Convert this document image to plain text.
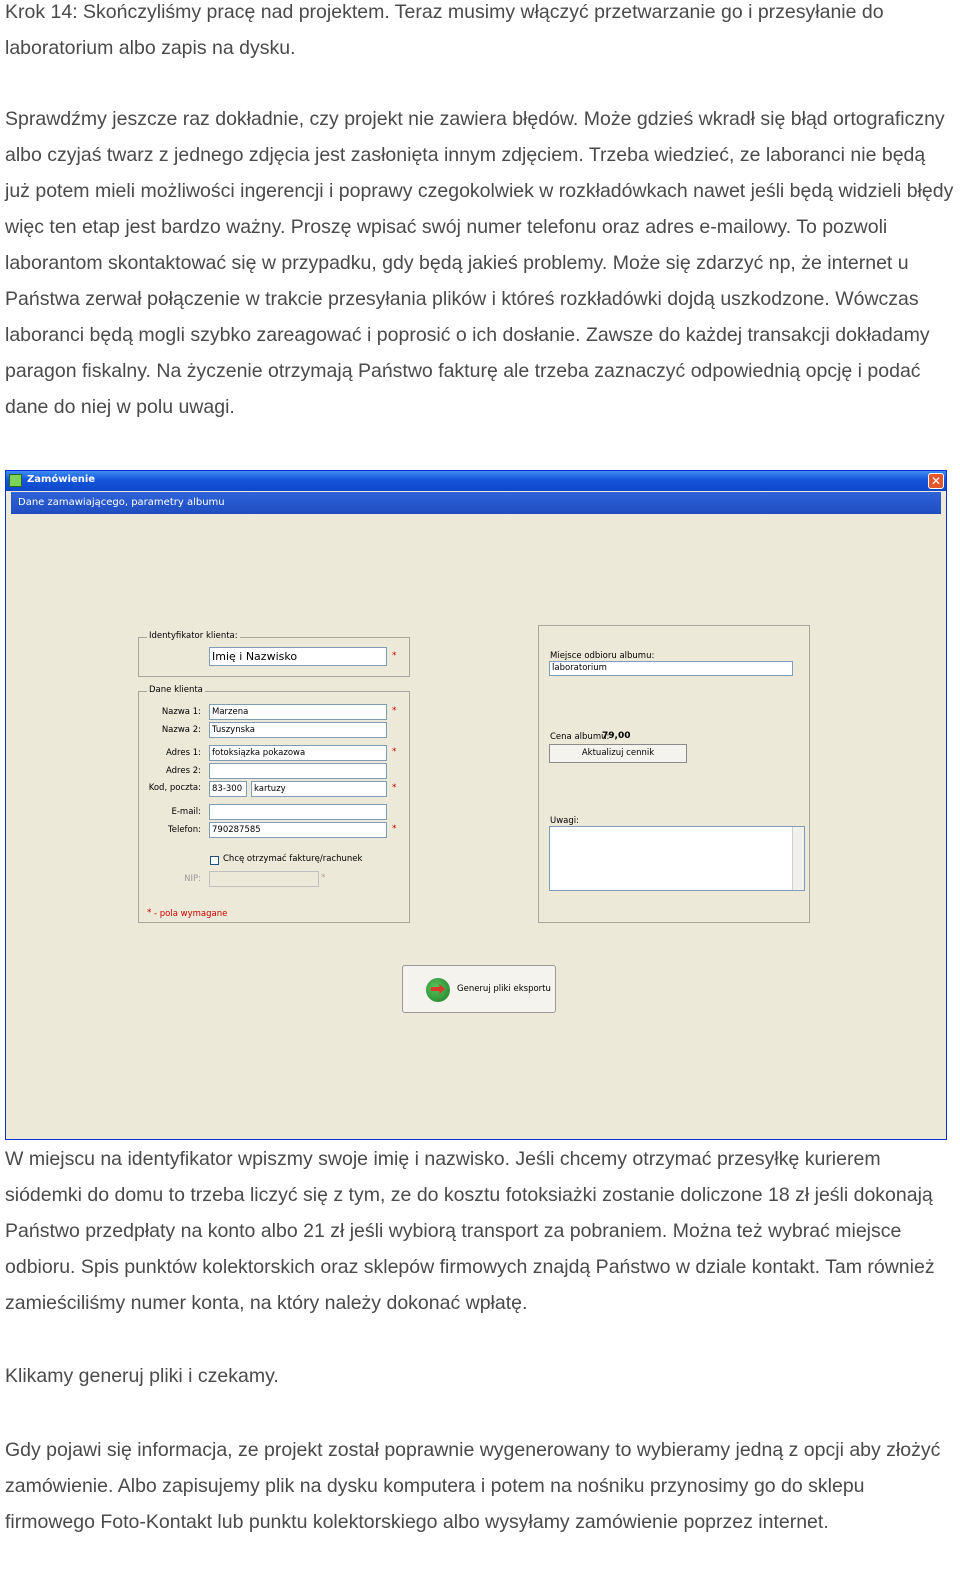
Krok 14: Skończyliśmy pracę nad projektem. Teraz musimy włączyć przetwarzanie go i przesyłanie do laboratorium albo zapis na dysku.

Sprawdźmy jeszcze raz dokładnie, czy projekt nie zawiera błędów. Może gdzieś wkradł się błąd ortograficzny albo czyjaś twarz z jednego zdjęcia jest zasłonięta innym zdjęciem. Trzeba wiedzieć, ze laboranci nie będą już potem mieli możliwości ingerencji i poprawy czegokolwiek w rozkładówkach nawet jeśli będą widzieli błędy więc ten etap jest bardzo ważny. Proszę wpisać swój numer telefonu oraz adres e-mailowy. To pozwoli laborantom skontaktować się w przypadku, gdy będą jakieś problemy. Może się zdarzyć np, że internet u Państwa zerwał połączenie w trakcie przesyłania plików i któreś rozkładówki dojdą uszkodzone. Wówczas laboranci będą mogli szybko zareagować i poprosić o ich dosłanie. Zawsze do każdej transakcji dokładamy paragon fiskalny. Na życzenie otrzymają Państwo fakturę ale trzeba zaznaczyć odpowiednią opcję i podać dane do niej w polu uwagi.

Zamówienie	✕
Dane zamawiającego, parametry albumu
Identyfikator klienta:
Imię i Nazwisko	*
Dane klienta
Nazwa 1:	Marzena	*
Nazwa 2:	Tuszynska
Adres 1:	fotoksiązka pokazowa	*
Adres 2:
Kod, poczta:	83-300	kartuzy	*
E-mail:
Telefon:	790287585	*
Chcę otrzymać fakturę/rachunek
NIP:	*
* - pola wymagane
Miejsce odbioru albumu:
laboratorium
Cena albumu:
79,00
Aktualizuj cennik
Uwagi:
Generuj pliki eksportu

W miejscu na identyfikator wpiszmy swoje imię i nazwisko. Jeśli chcemy otrzymać przesyłkę kurierem siódemki do domu to trzeba liczyć się z tym, ze do kosztu fotoksiażki zostanie doliczone 18 zł jeśli dokonają Państwo przedpłaty na konto albo 21 zł jeśli wybiorą transport za pobraniem. Można też wybrać miejsce odbioru. Spis punktów kolektorskich oraz sklepów firmowych znajdą Państwo w dziale kontakt. Tam również zamieściliśmy numer konta, na który należy dokonać wpłatę.

Klikamy generuj pliki i czekamy.

Gdy pojawi się informacja, ze projekt został poprawnie wygenerowany to wybieramy jedną z opcji aby złożyć zamówienie. Albo zapisujemy plik na dysku komputera i potem na nośniku przynosimy go do sklepu firmowego Foto-Kontakt lub punktu kolektorskiego albo wysyłamy zamówienie poprzez internet.
